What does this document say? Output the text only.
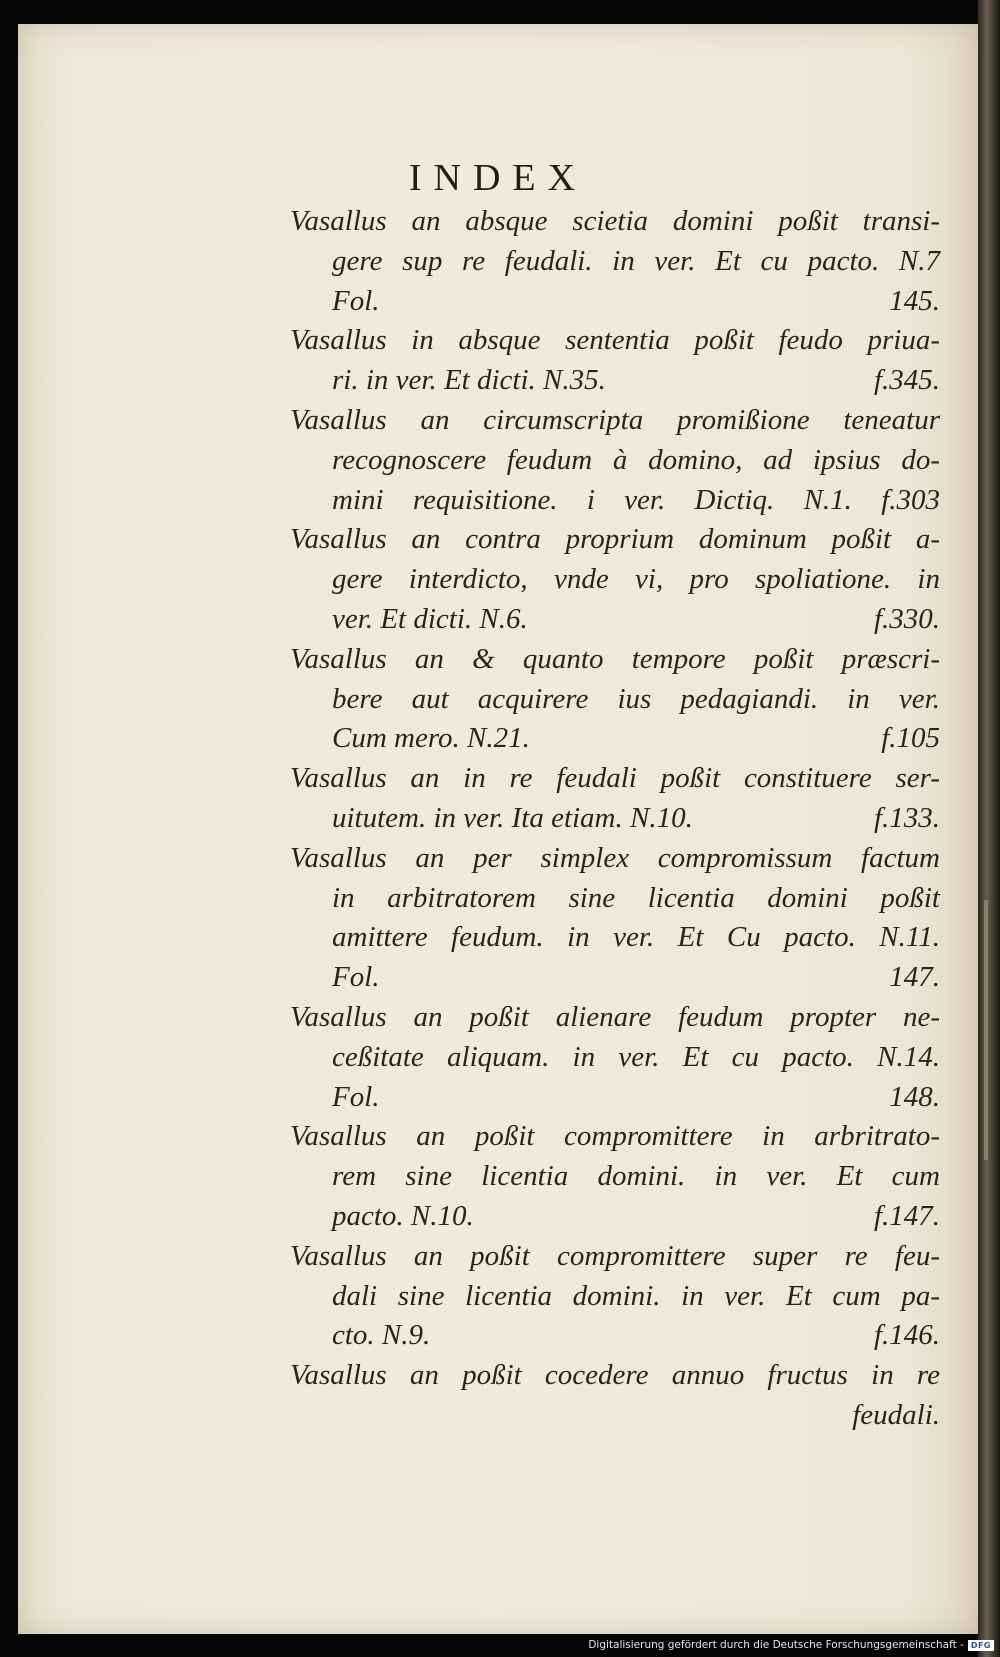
INDEX
Vasallus an absque scietia domini poßit transi-
gere sup re feudali. in ver. Et cu pacto. N.7
Fol.	145.
Vasallus in absque sententia poßit feudo priua-
ri. in ver. Et dicti. N.35.	f.345.
Vasallus an circumscripta promißione teneatur
recognoscere feudum à domino, ad ipsius do-
mini requisitione. i ver. Dictiq. N.1. f.303
Vasallus an contra proprium dominum poßit a-
gere interdicto, vnde vi, pro spoliatione. in
ver. Et dicti. N.6.	f.330.
Vasallus an & quanto tempore poßit præscri-
bere aut acquirere ius pedagiandi. in ver.
Cum mero. N.21.	f.105
Vasallus an in re feudali poßit constituere ser-
uitutem. in ver. Ita etiam. N.10.	f.133.
Vasallus an per simplex compromissum factum
in arbitratorem sine licentia domini poßit
amittere feudum. in ver. Et Cu pacto. N.11.
Fol.	147.
Vasallus an poßit alienare feudum propter ne-
ceßitate aliquam. in ver. Et cu pacto. N.14.
Fol.	148.
Vasallus an poßit compromittere in arbritrato-
rem sine licentia domini. in ver. Et cum
pacto. N.10.	f.147.
Vasallus an poßit compromittere super re feu-
dali sine licentia domini. in ver. Et cum pa-
cto. N.9.	f.146.
Vasallus an poßit cocedere annuo fructus in re
feudali.
Digitalisierung gefördert durch die Deutsche Forschungsgemeinschaft - DFG
